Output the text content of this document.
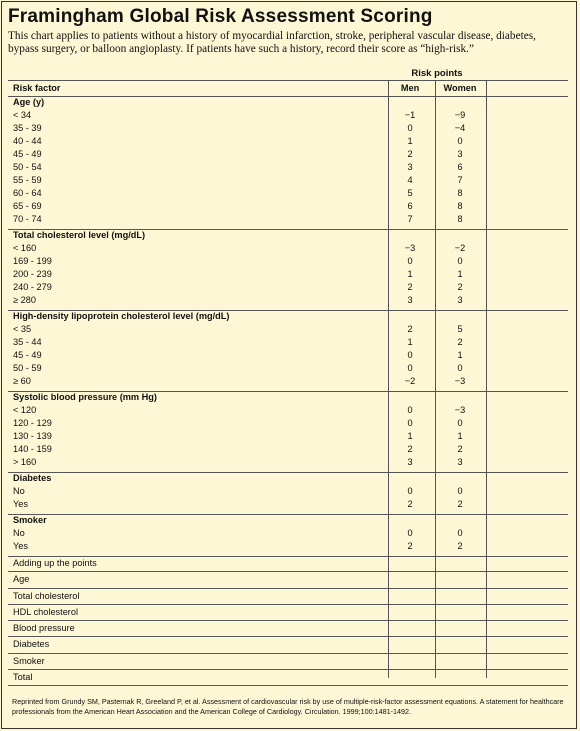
Framingham Global Risk Assessment Scoring
This chart applies to patients without a history of myocardial infarction, stroke, peripheral vascular disease, diabetes, bypass surgery, or balloon angioplasty. If patients have such a history, record their score as “high-risk.”
Risk points
Risk factor	Men	Women
Age (y)
< 34	−1	−9
35 - 39	0	−4
40 - 44	1	0
45 - 49	2	3
50 - 54	3	6
55 - 59	4	7
60 - 64	5	8
65 - 69	6	8
70 - 74	7	8
Total cholesterol level (mg/dL)
< 160	−3	−2
169 - 199	0	0
200 - 239	1	1
240 - 279	2	2
≥ 280	3	3
High-density lipoprotein cholesterol level (mg/dL)
< 35	2	5
35 - 44	1	2
45 - 49	0	1
50 - 59	0	0
≥ 60	−2	−3
Systolic blood pressure (mm Hg)
< 120	0	−3
120 - 129	0	0
130 - 139	1	1
140 - 159	2	2
> 160	3	3
Diabetes
No	0	0
Yes	2	2
Smoker
No	0	0
Yes	2	2
Adding up the points
Age
Total cholesterol
HDL cholesterol
Blood pressure
Diabetes
Smoker
Total
Reprinted from Grundy SM, Pasternak R, Greeland P, et al. Assessment of cardiovascular risk by use of multiple-risk-factor assessment equations. A statement for healthcare professionals from the American Heart Association and the American College of Cardiology. Circulation. 1999;100:1481-1492.
